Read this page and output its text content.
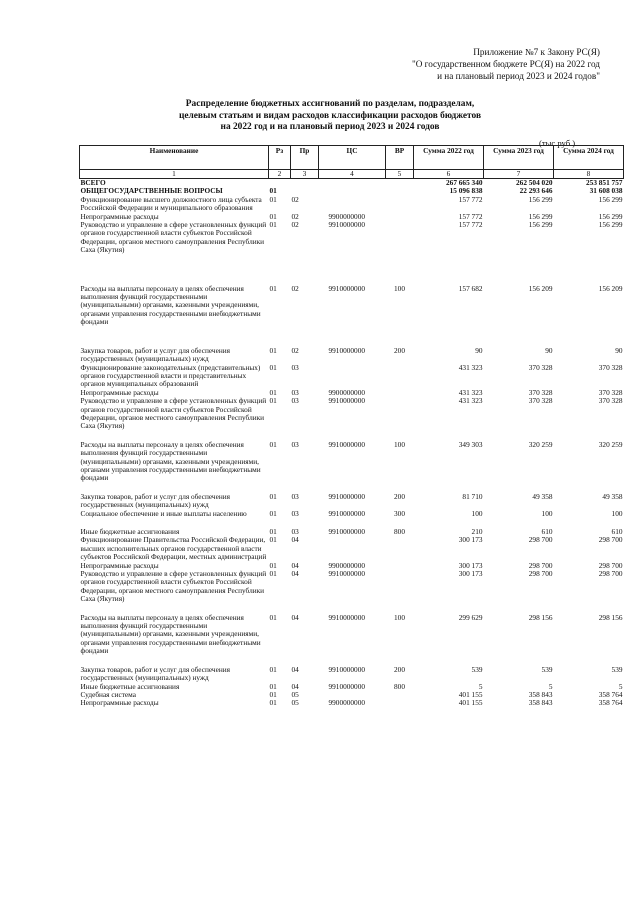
Приложение №7 к Закону РС(Я)
"О государственном бюджете РС(Я) на 2022 год
и на плановый период 2023 и 2024 годов"
Распределение бюджетных ассигнований по разделам, подразделам,
целевым статьям и видам расходов классификации расходов бюджетов
на 2022 год и на плановый период 2023 и 2024 годов
(тыс.руб.)
Наименование	Рз	Пр	ЦС	ВР	Сумма 2022 год	Сумма 2023 год	Сумма 2024 год
1	2	3	4	5	6	7	8
ВСЕГО					267 665 340	262 504 020	253 851 757
ОБЩЕГОСУДАРСТВЕННЫЕ ВОПРОСЫ	01				15 096 838	22 293 646	31 608 038
Функционирование высшего должностного лица субъекта Российской Федерации и муниципального образования	01	02			157 772	156 299	156 299
Непрограммные расходы	01	02	9900000000		157 772	156 299	156 299
Руководство и управление в сфере установленных функций органов государственной власти субъектов Российской Федерации, органов местного самоуправления Республики Саха (Якутия)	01	02	9910000000		157 772	156 299	156 299

Расходы на выплаты персоналу в целях обеспечения выполнения функций государственными (муниципальными) органами, казенными учреждениями, органами управления государственными внебюджетными фондами	01	02	9910000000	100	157 682	156 209	156 209

Закупка товаров, работ и услуг для обеспечения государственных (муниципальных) нужд	01	02	9910000000	200	90	90	90
Функционирование законодательных (представительных) органов государственной власти и представительных органов муниципальных образований	01	03			431 323	370 328	370 328
Непрограммные расходы	01	03	9900000000		431 323	370 328	370 328
Руководство и управление в сфере установленных функций органов государственной власти субъектов Российской Федерации, органов местного самоуправления Республики Саха (Якутия)	01	03	9910000000		431 323	370 328	370 328

Расходы на выплаты персоналу в целях обеспечения выполнения функций государственными (муниципальными) органами, казенными учреждениями, органами управления государственными внебюджетными фондами	01	03	9910000000	100	349 303	320 259	320 259

Закупка товаров, работ и услуг для обеспечения государственных (муниципальных) нужд	01	03	9910000000	200	81 710	49 358	49 358
Социальное обеспечение и иные выплаты населению	01	03	9910000000	300	100	100	100

Иные бюджетные ассигнования	01	03	9910000000	800	210	610	610
Функционирование Правительства Российской Федерации, высших исполнительных органов государственной власти субъектов Российской Федерации, местных администраций	01	04			300 173	298 700	298 700
Непрограммные расходы	01	04	9900000000		300 173	298 700	298 700
Руководство и управление в сфере установленных функций органов государственной власти субъектов Российской Федерации, органов местного самоуправления Республики Саха (Якутия)	01	04	9910000000		300 173	298 700	298 700

Расходы на выплаты персоналу в целях обеспечения выполнения функций государственными (муниципальными) органами, казенными учреждениями, органами управления государственными внебюджетными фондами	01	04	9910000000	100	299 629	298 156	298 156

Закупка товаров, работ и услуг для обеспечения государственных (муниципальных) нужд	01	04	9910000000	200	539	539	539
Иные бюджетные ассигнования	01	04	9910000000	800	5	5	5
Судебная система	01	05			401 155	358 843	358 764
Непрограммные расходы	01	05	9900000000		401 155	358 843	358 764
